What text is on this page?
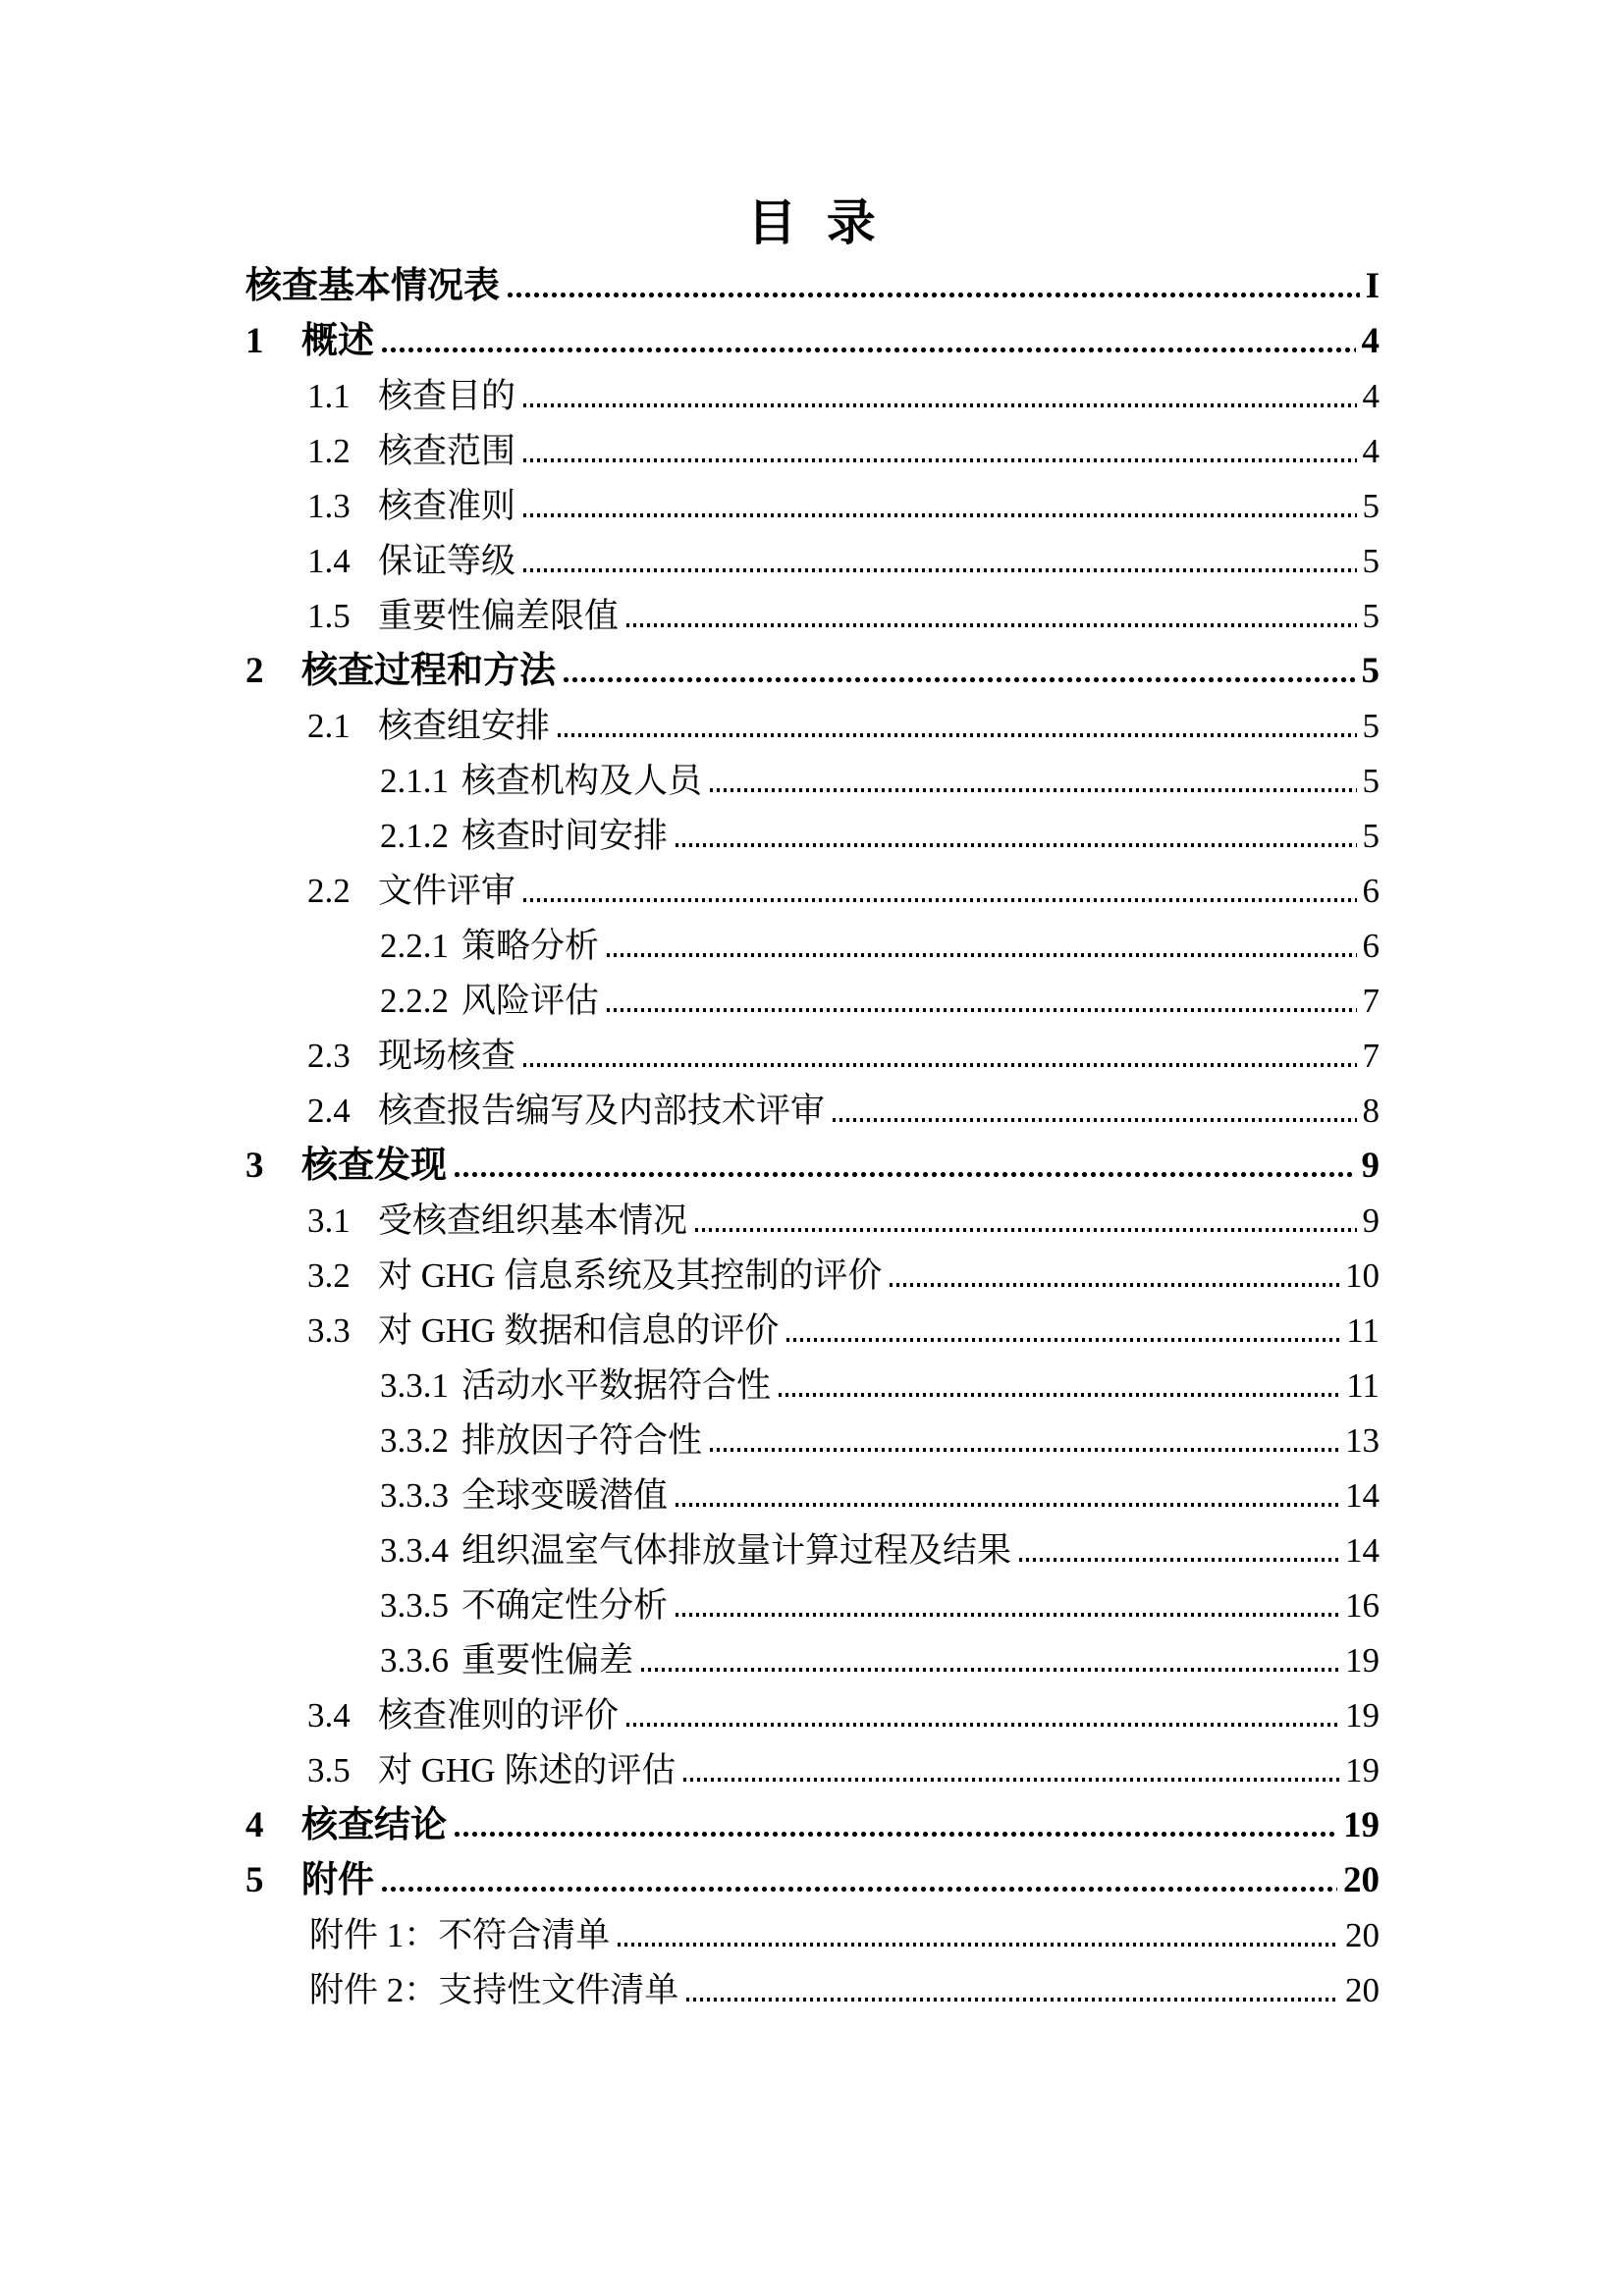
目 录
核查基本情况表	I
1	概述	4
1.1 核查目的	4
1.2 核查范围	4
1.3 核查准则	5
1.4 保证等级	5
1.5 重要性偏差限值	5
2	核查过程和方法	5
2.1 核查组安排	5
2.1.1 核查机构及人员	5
2.1.2 核查时间安排	5
2.2 文件评审	6
2.2.1 策略分析	6
2.2.2 风险评估	7
2.3 现场核查	7
2.4 核查报告编写及内部技术评审	8
3	核查发现	9
3.1 受核查组织基本情况	9
3.2 对 GHG 信息系统及其控制的评价	10
3.3 对 GHG 数据和信息的评价	11
3.3.1 活动水平数据符合性	11
3.3.2 排放因子符合性	13
3.3.3 全球变暖潜值	14
3.3.4 组织温室气体排放量计算过程及结果	14
3.3.5 不确定性分析	16
3.3.6 重要性偏差	19
3.4 核查准则的评价	19
3.5 对 GHG 陈述的评估	19
4	核查结论	19
5	附件	20
附件 1：不符合清单	20
附件 2：支持性文件清单	20
